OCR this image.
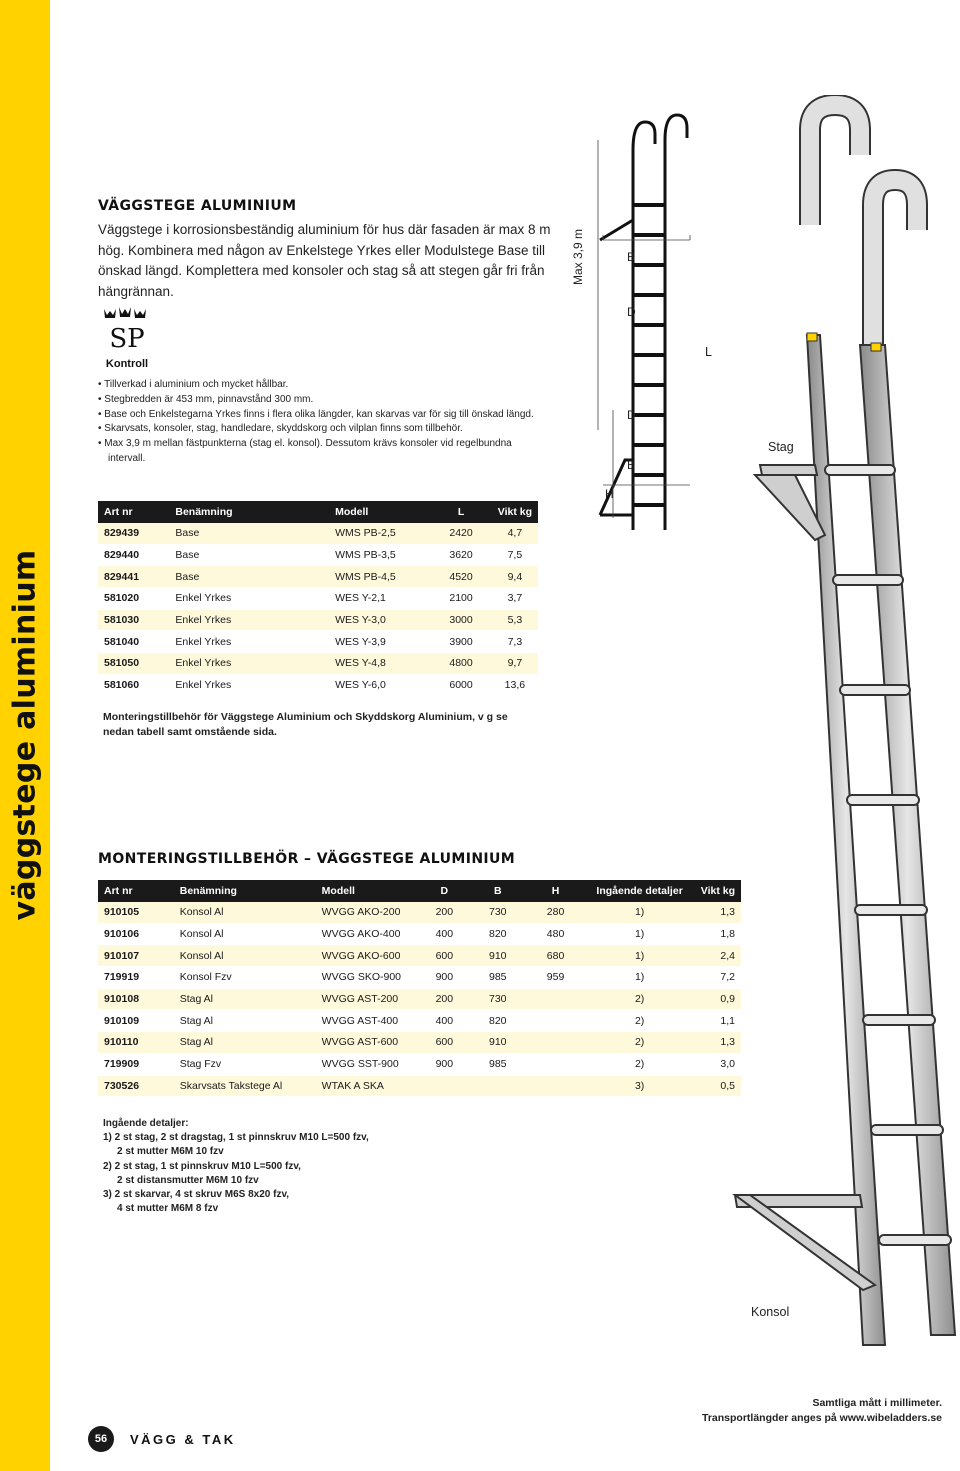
väggstege aluminium
VÄGGSTEGE ALUMINIUM
Väggstege i korrosionsbeständig aluminium för hus där fasaden är max 8 m hög. Kombinera med någon av Enkelstege Yrkes eller Modulstege Base till önskad längd. Komplettera med konsoler och stag så att stegen går fri från hängrännan.
SP
Kontroll
• Tillverkad i aluminium och mycket hållbar.
• Stegbredden är 453 mm, pinnavstånd 300 mm.
• Base och Enkelstegarna Yrkes finns i flera olika längder, kan skarvas var för sig till önskad längd.
• Skarvsats, konsoler, stag, handledare, skyddskorg och vilplan finns som tillbehör.
• Max 3,9 m mellan fästpunkterna (stag el. konsol). Dessutom krävs konsoler vid regelbundna intervall.
Art nr	Benämning	Modell	L	Vikt kg
829439	Base	WMS PB-2,5	2420	4,7
829440	Base	WMS PB-3,5	3620	7,5
829441	Base	WMS PB-4,5	4520	9,4
581020	Enkel Yrkes	WES Y-2,1	2100	3,7
581030	Enkel Yrkes	WES Y-3,0	3000	5,3
581040	Enkel Yrkes	WES Y-3,9	3900	7,3
581050	Enkel Yrkes	WES Y-4,8	4800	9,7
581060	Enkel Yrkes	WES Y-6,0	6000	13,6
Monteringstillbehör för Väggstege Aluminium och Skyddskorg Aluminium, v g se nedan tabell samt omstående sida.
MONTERINGSTILLBEHÖR – VÄGGSTEGE ALUMINIUM
Art nr	Benämning	Modell	D	B	H	Ingående detaljer	Vikt kg
910105	Konsol Al	WVGG AKO-200	200	730	280	1)	1,3
910106	Konsol Al	WVGG AKO-400	400	820	480	1)	1,8
910107	Konsol Al	WVGG AKO-600	600	910	680	1)	2,4
719919	Konsol Fzv	WVGG SKO-900	900	985	959	1)	7,2
910108	Stag Al	WVGG AST-200	200	730		2)	0,9
910109	Stag Al	WVGG AST-400	400	820		2)	1,1
910110	Stag Al	WVGG AST-600	600	910		2)	1,3
719909	Stag Fzv	WVGG SST-900	900	985		2)	3,0
730526	Skarvsats Takstege Al	WTAK A SKA				3)	0,5
Ingående detaljer:
1) 2 st stag, 2 st dragstag, 1 st pinnskruv M10 L=500 fzv,
2 st mutter M6M 10 fzv
2) 2 st stag, 1 st pinnskruv M10 L=500 fzv,
2 st distansmutter M6M 10 fzv
3) 2 st skarvar, 4 st skruv M6S 8x20 fzv,
4 st mutter M6M 8 fzv
Max 3,9 m	B
D
D
B
H
L
Stag
Konsol
56	VÄGG & TAK
Samtliga mått i millimeter.
Transportlängder anges på www.wibeladders.se
